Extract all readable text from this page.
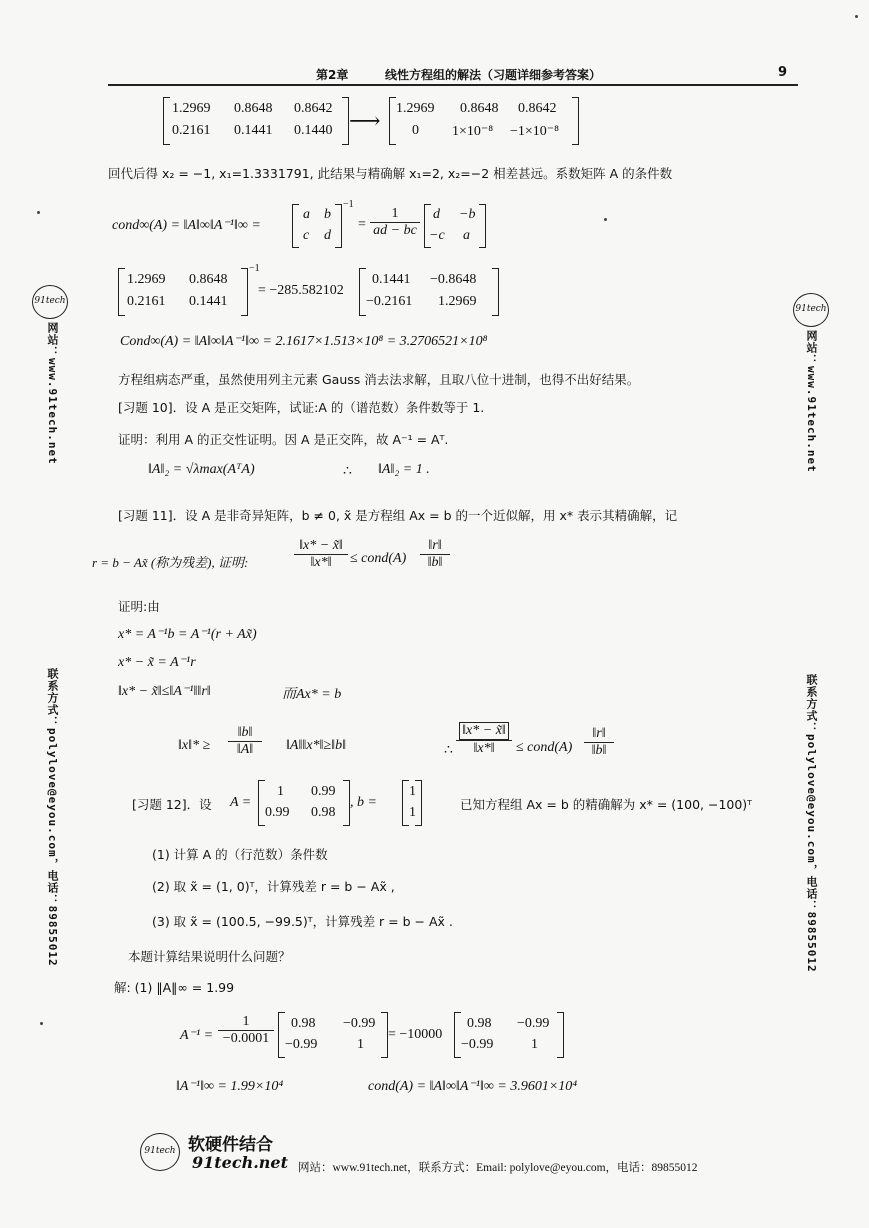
第2章	线性方程组的解法（习题详细参考答案）	9
1.2969 0.8648 0.8642
0.2161 0.1441 0.1440 ⟶
1.2969 0.8648 0.8642
0 1×10⁻⁸ −1×10⁻⁸
回代后得 x₂ = −1, x₁=1.3331791, 此结果与精确解 x₁=2, x₂=−2 相差甚远。系数矩阵 A 的条件数
cond∞(A) = ‖A‖∞‖A⁻¹‖∞ =
a b
c d
−1
= $\frac{1}{ad - bc}$ d −b
−c a
1.2969 0.8648
0.2161 0.1441
−1
= −285.582102
0.1441 −0.8648
−0.2161 1.2969
Cond∞(A) = ‖A‖∞‖A⁻¹‖∞ = 2.1617×1.513×10⁸ = 3.2706521×10⁸
方程组病态严重，虽然使用列主元素 Gauss 消去法求解，且取八位十进制，也得不出好结果。
[习题 10]．设 A 是正交矩阵，试证:A 的（谱范数）条件数等于 1.
证明：利用 A 的正交性证明。因 A 是正交阵，故 A⁻¹ = Aᵀ.
‖A‖₂ = √λmax(AᵀA)	∴ ‖A‖₂ = 1 .
[习题 11]．设 A 是非奇异矩阵，b ≠ 0, x̃ 是方程组 Ax = b 的一个近似解，用 x* 表示其精确解，记
r = b − Ax̃ (称为残差), 证明:	$\frac{‖x* - x̃‖}{‖x*‖}$ ≤ cond(A) $\frac{‖r‖}{‖b‖}$
证明:由
x* = A⁻¹b = A⁻¹(r + Ax̃)
x* − x̃ = A⁻¹r
‖x* − x̃‖≤‖A⁻¹‖‖r‖	而Ax* = b
‖x‖* ≥ $\frac{‖b‖}{‖A‖}$ ‖A‖‖x*‖≥‖b‖	∴ $\frac{‖x* - x̃‖}{‖x*‖}$ ≤ cond(A) $\frac{‖r‖}{‖b‖}$
[习题 12]．设 A =
1 0.99
0.99 0.98
, b =
1
1
已知方程组 Ax = b 的精确解为 x* = (100, −100)ᵀ
(1) 计算 A 的（行范数）条件数
(2) 取 x̃ = (1, 0)ᵀ，计算残差 r = b − Ax̃ ,
(3) 取 x̃ = (100.5, −99.5)ᵀ，计算残差 r = b − Ax̃ .
本题计算结果说明什么问题？
解: (1) ‖A‖∞ = 1.99
$A^{-1} = \frac{1}{-0.0001} 0.98 -0.99$
−0.99	1
= −10000
0.98 −0.99
−0.99	1
‖A⁻¹‖∞ = 1.99×10⁴	cond(A) = ‖A‖∞‖A⁻¹‖∞ = 3.9601×10⁴
91tech
网站：www.91tech.net
联系方式：polylove@eyou.com，电话：89855012
91tech
网站：www.91tech.net
联系方式：polylove@eyou.com，电话：89855012
91tech 软硬件结合
91tech.net 网站：www.91tech.net，联系方式：Email: polylove@eyou.com，电话：89855012
